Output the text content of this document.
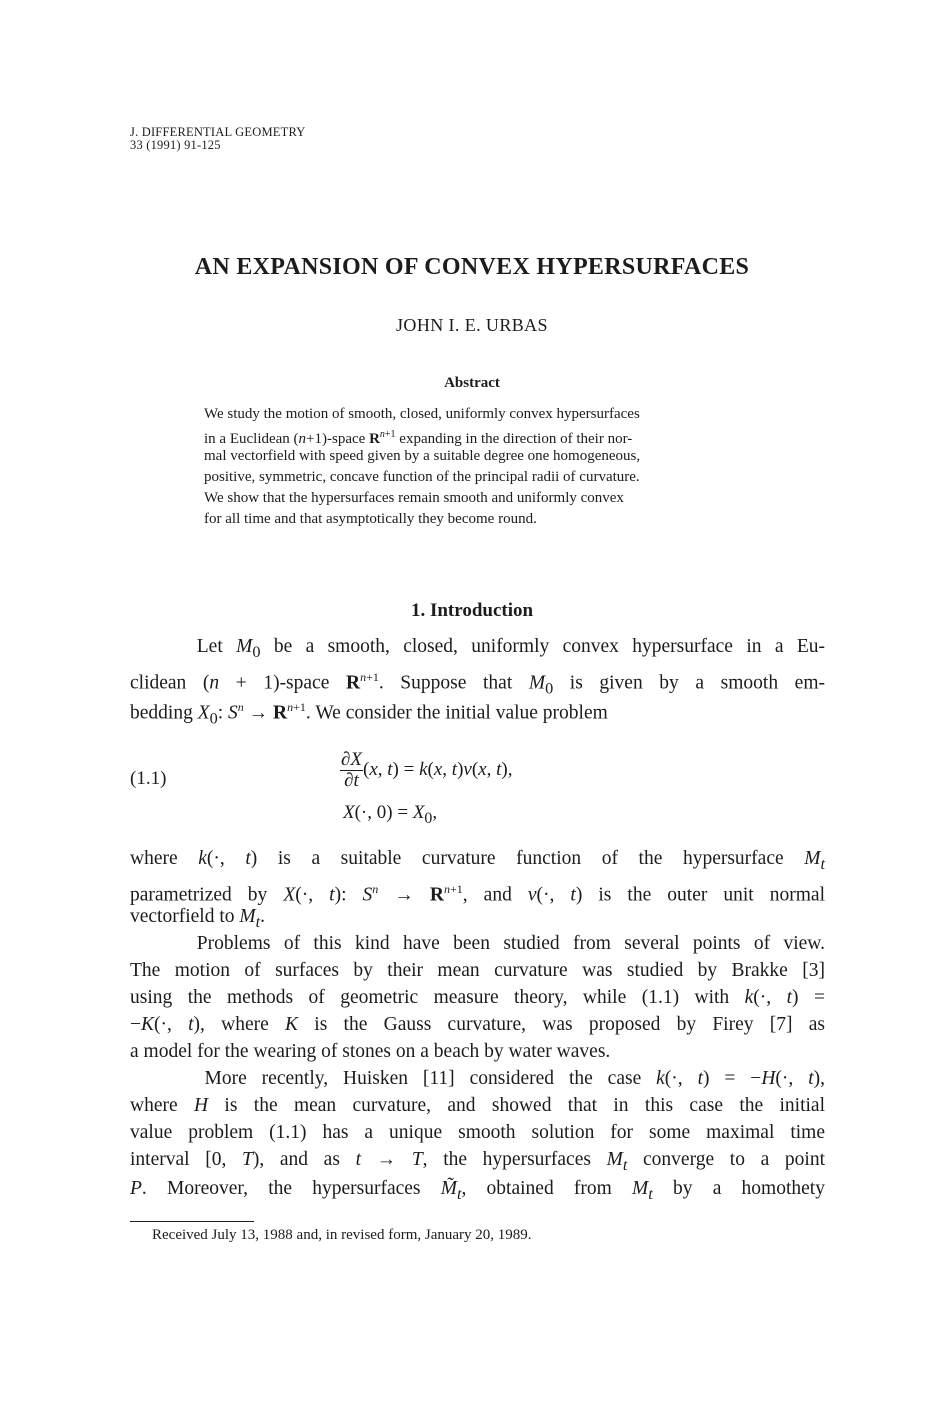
J. DIFFERENTIAL GEOMETRY
33 (1991) 91-125
AN EXPANSION OF CONVEX HYPERSURFACES
JOHN I. E. URBAS
Abstract
We study the motion of smooth, closed, uniformly convex hypersurfaces
in a Euclidean (n+1)-space $R^{n+1}$ expanding in the direction of their nor-
mal vectorfield with speed given by a suitable degree one homogeneous,
positive, symmetric, concave function of the principal radii of curvature.
We show that the hypersurfaces remain smooth and uniformly convex
for all time and that asymptotically they become round.
1. Introduction
Let $M_0$ be a smooth, closed, uniformly convex hypersurface in a Eu-
clidean (n + 1)-space $R^{n+1}$. Suppose that $M_0$ is given by a smooth em-
bedding $X_0$: $S^n \to R^{n+1}$. We consider the initial value problem
(1.1)	$\frac{\partial X}{\partial t} (x$, t) = k(x, t)ν(x, t),
X(·, $0) = X_0$,
where k(·, t) is a suitable curvature function of the hypersurface $M_t$
parametrized by X(·, t): $S^n \to R^{n+1}$, and ν(·, t) is the outer unit normal
vectorfield to $M_t$.
Problems of this kind have been studied from several points of view.
The motion of surfaces by their mean curvature was studied by Brakke [3]
using the methods of geometric measure theory, while (1.1) with k(·, t) =
−K(·, t), where K is the Gauss curvature, was proposed by Firey [7] as
a model for the wearing of stones on a beach by water waves.
More recently, Huisken [11] considered the case k(·, t) = −H(·, t),
where H is the mean curvature, and showed that in this case the initial
value problem (1.1) has a unique smooth solution for some maximal time
interval [0, T), and as t → T, the hypersurfaces $M_t$ converge to a point
P. Moreover, the hypersurfaces $M̃_t$, obtained from $M_t$ by a homothety
Received July 13, 1988 and, in revised form, January 20, 1989.
